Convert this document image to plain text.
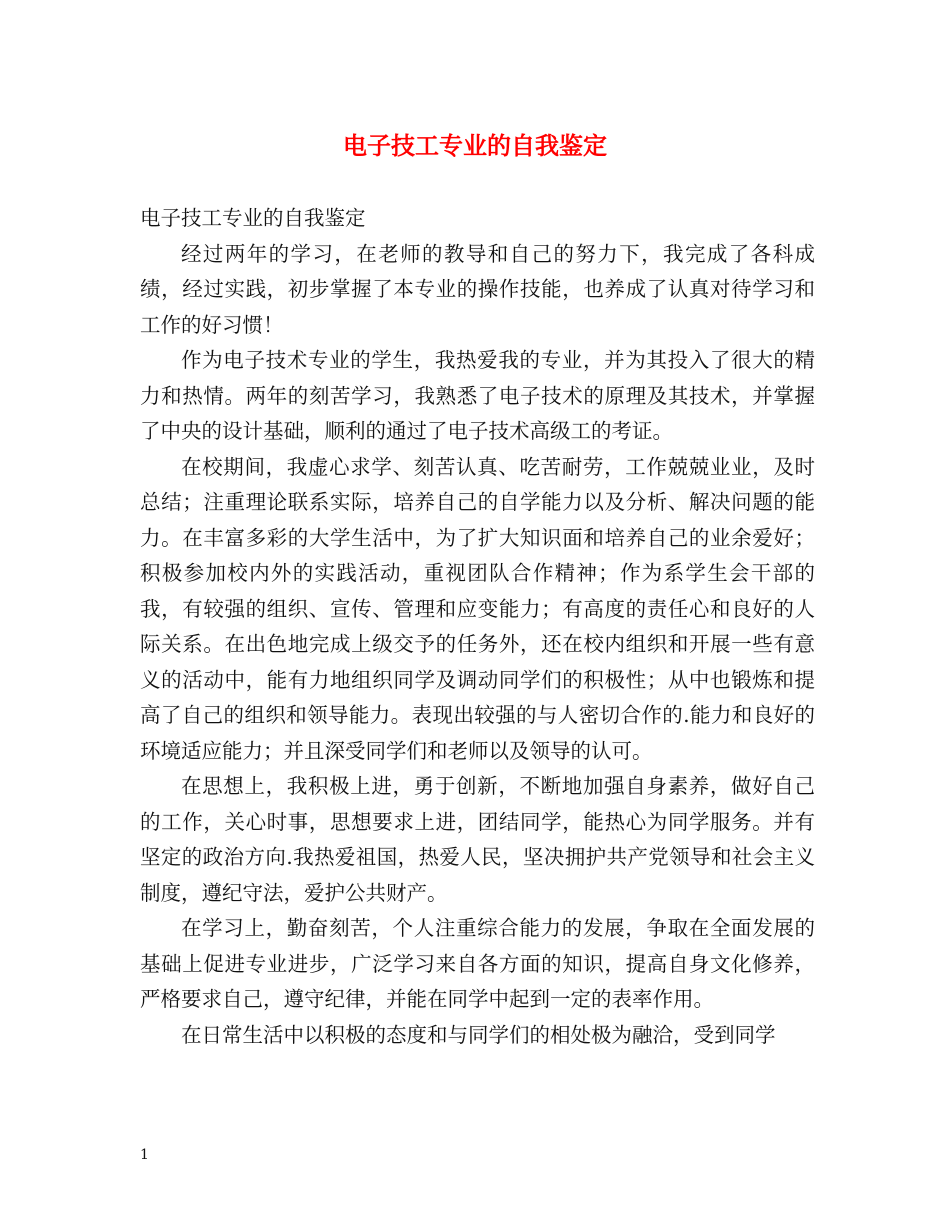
电子技工专业的自我鉴定

电子技工专业的自我鉴定

经过两年的学习，在老师的教导和自己的努力下，我完成了各科成绩，经过实践，初步掌握了本专业的操作技能，也养成了认真对待学习和工作的好习惯！

作为电子技术专业的学生，我热爱我的专业，并为其投入了很大的精力和热情。两年的刻苦学习，我熟悉了电子技术的原理及其技术，并掌握了中央的设计基础，顺利的通过了电子技术高级工的考证。

在校期间，我虚心求学、刻苦认真、吃苦耐劳，工作兢兢业业，及时总结；注重理论联系实际，培养自己的自学能力以及分析、解决问题的能力。在丰富多彩的大学生活中，为了扩大知识面和培养自己的业余爱好；积极参加校内外的实践活动，重视团队合作精神；作为系学生会干部的我，有较强的组织、宣传、管理和应变能力；有高度的责任心和良好的人际关系。在出色地完成上级交予的任务外，还在校内组织和开展一些有意义的活动中，能有力地组织同学及调动同学们的积极性；从中也锻炼和提高了自己的组织和领导能力。表现出较强的与人密切合作的.能力和良好的环境适应能力；并且深受同学们和老师以及领导的认可。

在思想上，我积极上进，勇于创新，不断地加强自身素养，做好自己的工作，关心时事，思想要求上进，团结同学，能热心为同学服务。并有坚定的政治方向.我热爱祖国，热爱人民，坚决拥护共产党领导和社会主义制度，遵纪守法，爱护公共财产。

在学习上，勤奋刻苦，个人注重综合能力的发展，争取在全面发展的基础上促进专业进步，广泛学习来自各方面的知识，提高自身文化修养，严格要求自己，遵守纪律，并能在同学中起到一定的表率作用。

在日常生活中以积极的态度和与同学们的相处极为融洽，受到同学

1
